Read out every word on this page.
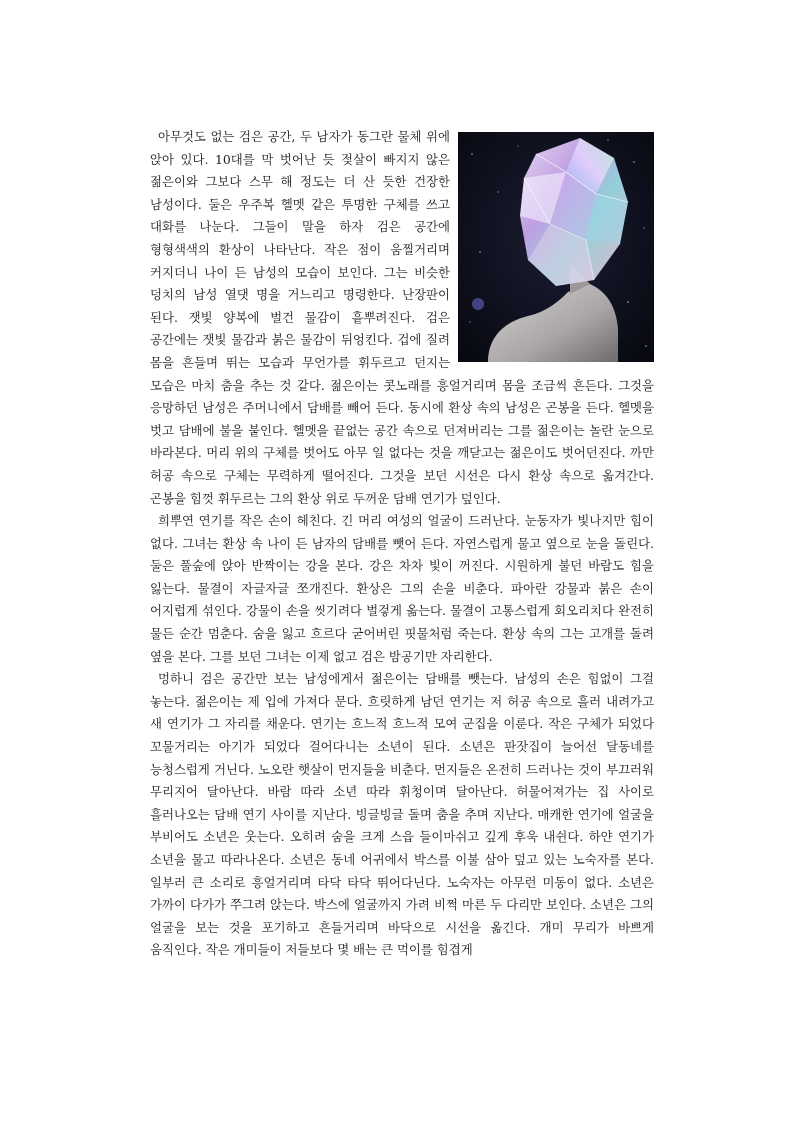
아무것도 없는 검은 공간, 두 남자가 동그란 물체 위에 앉아 있다. 10대를 막 벗어난 듯 젖살이 빠지지 않은 젊은이와 그보다 스무 해 정도는 더 산 듯한 건장한 남성이다. 둘은 우주복 헬멧 같은 투명한 구체를 쓰고 대화를 나눈다. 그들이 말을 하자 검은 공간에 형형색색의 환상이 나타난다. 작은 점이 움찔거리며 커지더니 나이 든 남성의 모습이 보인다. 그는 비슷한 덩치의 남성 열댓 명을 거느리고 명령한다. 난장판이 된다. 잿빛 양복에 벌건 물감이 흩뿌려진다. 검은 공간에는 잿빛 물감과 붉은 물감이 뒤엉킨다. 겁에 질려 몸을 흔들며 뛰는 모습과 무언가를 휘두르고 던지는 모습은 마치 춤을 추는 것 같다. 젊은이는 콧노래를 흥얼거리며 몸을 조금씩 흔든다. 그것을 응망하던 남성은 주머니에서 담배를 빼어 든다. 동시에 환상 속의 남성은 곤봉을 든다. 헬멧을 벗고 담배에 불을 붙인다. 헬멧을 끝없는 공간 속으로 던져버리는 그를 젊은이는 놀란 눈으로 바라본다. 머리 위의 구체를 벗어도 아무 일 없다는 것을 깨닫고는 젊은이도 벗어던진다. 까만 허공 속으로 구체는 무력하게 떨어진다. 그것을 보던 시선은 다시 환상 속으로 옮겨간다. 곤봉을 힘껏 휘두르는 그의 환상 위로 두꺼운 담배 연기가 덮인다.

희뿌연 연기를 작은 손이 헤친다. 긴 머리 여성의 얼굴이 드러난다. 눈동자가 빛나지만 힘이 없다. 그녀는 환상 속 나이 든 남자의 담배를 뺏어 든다. 자연스럽게 물고 옆으로 눈을 돌린다. 둘은 풀숲에 앉아 반짝이는 강을 본다. 강은 차차 빛이 꺼진다. 시원하게 불던 바람도 힘을 잃는다. 물결이 자글자글 쪼개진다. 환상은 그의 손을 비춘다. 파아란 강물과 붉은 손이 어지럽게 섞인다. 강물이 손을 씻기려다 벌겋게 옮는다. 물결이 고통스럽게 회오리치다 완전히 물든 순간 멈춘다. 숨을 잃고 흐르다 굳어버린 핏물처럼 죽는다. 환상 속의 그는 고개를 돌려 옆을 본다. 그를 보던 그녀는 이제 없고 검은 밤공기만 자리한다.

멍하니 검은 공간만 보는 남성에게서 젊은이는 담배를 뺏는다. 남성의 손은 힘없이 그걸 놓는다. 젊은이는 제 입에 가져다 문다. 흐릿하게 남던 연기는 저 허공 속으로 흘러 내려가고 새 연기가 그 자리를 채운다. 연기는 흐느적 흐느적 모여 군집을 이룬다. 작은 구체가 되었다 꼬물거리는 아기가 되었다 걸어다니는 소년이 된다. 소년은 판잣집이 늘어선 달동네를 능청스럽게 거닌다. 노오란 햇살이 먼지들을 비춘다. 먼지들은 온전히 드러나는 것이 부끄러워 무리지어 달아난다. 바람 따라 소년 따라 휘청이며 달아난다. 허물어져가는 집 사이로 흘러나오는 담배 연기 사이를 지난다. 빙글빙글 돌며 춤을 추며 지난다. 매캐한 연기에 얼굴을 부비어도 소년은 웃는다. 오히려 숨을 크게 스읍 들이마쉬고 깊게 후욱 내쉰다. 하얀 연기가 소년을 물고 따라나온다. 소년은 동네 어귀에서 박스를 이불 삼아 덮고 있는 노숙자를 본다. 일부러 큰 소리로 흥얼거리며 타닥 타닥 뛰어다닌다. 노숙자는 아무런 미동이 없다. 소년은 가까이 다가가 쭈그려 앉는다. 박스에 얼굴까지 가려 비쩍 마른 두 다리만 보인다. 소년은 그의 얼굴을 보는 것을 포기하고 흔들거리며 바닥으로 시선을 옮긴다. 개미 무리가 바쁘게 움직인다. 작은 개미들이 저들보다 몇 배는 큰 먹이를 힘겹게
